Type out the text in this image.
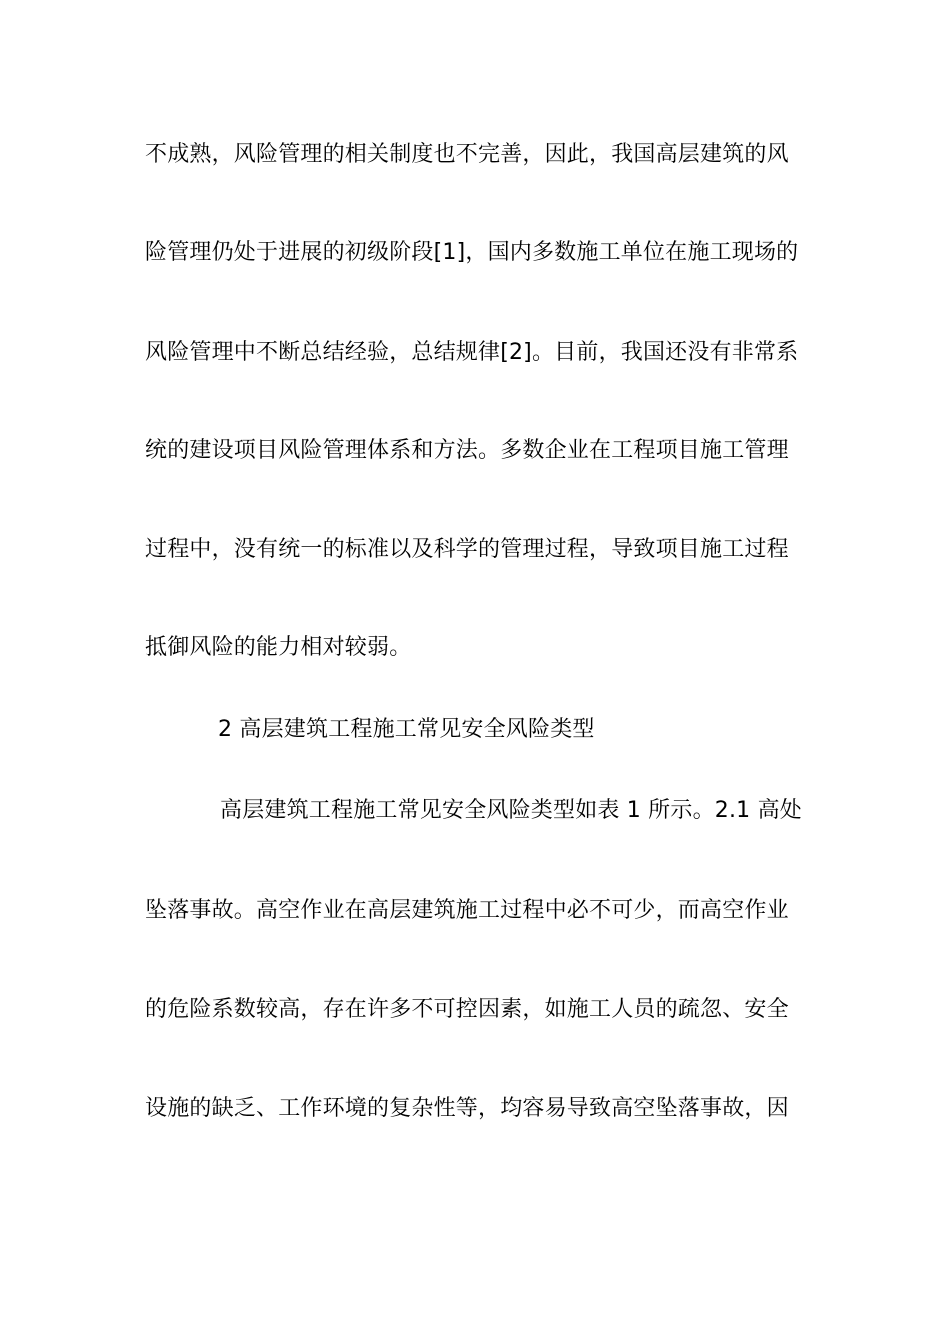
不成熟，风险管理的相关制度也不完善，因此，我国高层建筑的风
险管理仍处于进展的初级阶段[1]，国内多数施工单位在施工现场的
风险管理中不断总结经验，总结规律[2]。目前，我国还没有非常系
统的建设项目风险管理体系和方法。多数企业在工程项目施工管理
过程中，没有统一的标准以及科学的管理过程，导致项目施工过程
抵御风险的能力相对较弱。
2 高层建筑工程施工常见安全风险类型
高层建筑工程施工常见安全风险类型如表 1 所示。2.1 高处
坠落事故。高空作业在高层建筑施工过程中必不可少，而高空作业
的危险系数较高，存在许多不可控因素，如施工人员的疏忽、安全
设施的缺乏、工作环境的复杂性等，均容易导致高空坠落事故，因
